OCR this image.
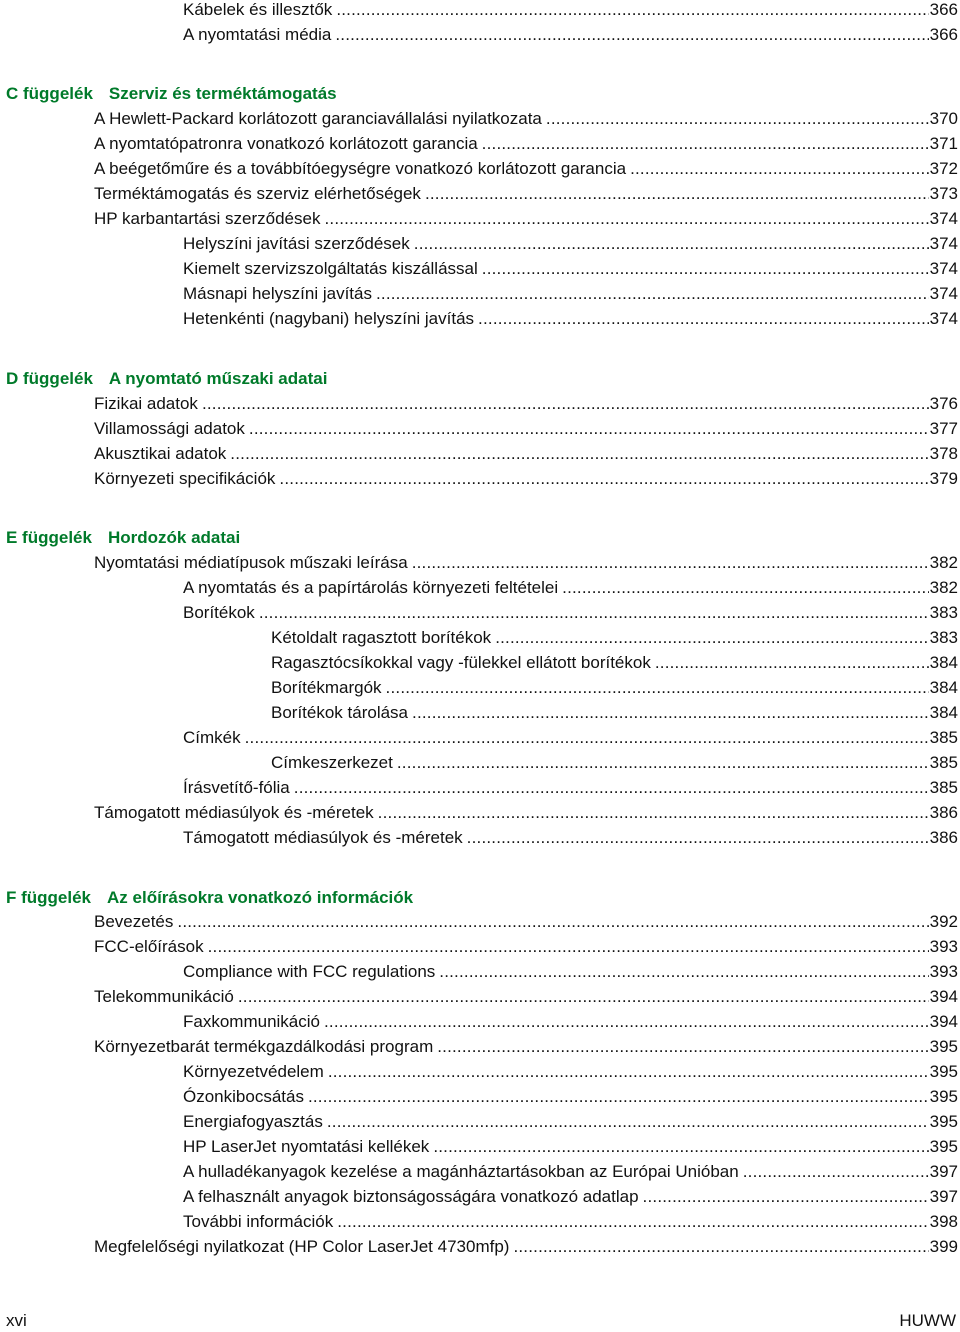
Kábelek és illesztők .....	366
A nyomtatási média .....	366
C függelék Szerviz és terméktámogatás
A Hewlett-Packard korlátozott garanciavállalási nyilatkozata .....	370
A nyomtatópatronra vonatkozó korlátozott garancia .....	371
A beégetőműre és a továbbítóegységre vonatkozó korlátozott garancia .....	372
Terméktámogatás és szerviz elérhetőségek .....	373
HP karbantartási szerződések .....	374
Helyszíni javítási szerződések .....	374
Kiemelt szervizszolgáltatás kiszállással .....	374
Másnapi helyszíni javítás .....	374
Hetenkénti (nagybani) helyszíni javítás .....	374
D függelék A nyomtató műszaki adatai
Fizikai adatok .....	376
Villamossági adatok .....	377
Akusztikai adatok .....	378
Környezeti specifikációk .....	379
E függelék Hordozók adatai
Nyomtatási médiatípusok műszaki leírása .....	382
A nyomtatás és a papírtárolás környezeti feltételei .....	382
Borítékok .....	383
Kétoldalt ragasztott borítékok .....	383
Ragasztócsíkokkal vagy -fülekkel ellátott borítékok .....	384
Borítékmargók .....	384
Borítékok tárolása .....	384
Címkék .....	385
Címkeszerkezet .....	385
Írásvetítő-fólia .....	385
Támogatott médiasúlyok és -méretek .....	386
Támogatott médiasúlyok és -méretek .....	386
F függelék Az előírásokra vonatkozó információk
Bevezetés .....	392
FCC-előírások .....	393
Compliance with FCC regulations .....	393
Telekommunikáció .....	394
Faxkommunikáció .....	394
Környezetbarát termékgazdálkodási program .....	395
Környezetvédelem .....	395
Ózonkibocsátás .....	395
Energiafogyasztás .....	395
HP LaserJet nyomtatási kellékek .....	395
A hulladékanyagok kezelése a magánháztartásokban az Európai Unióban .....	397
A felhasznált anyagok biztonságosságára vonatkozó adatlap .....	397
További információk .....	398
Megfelelőségi nyilatkozat (HP Color LaserJet 4730mfp) .....	399
xvi	HUWW
